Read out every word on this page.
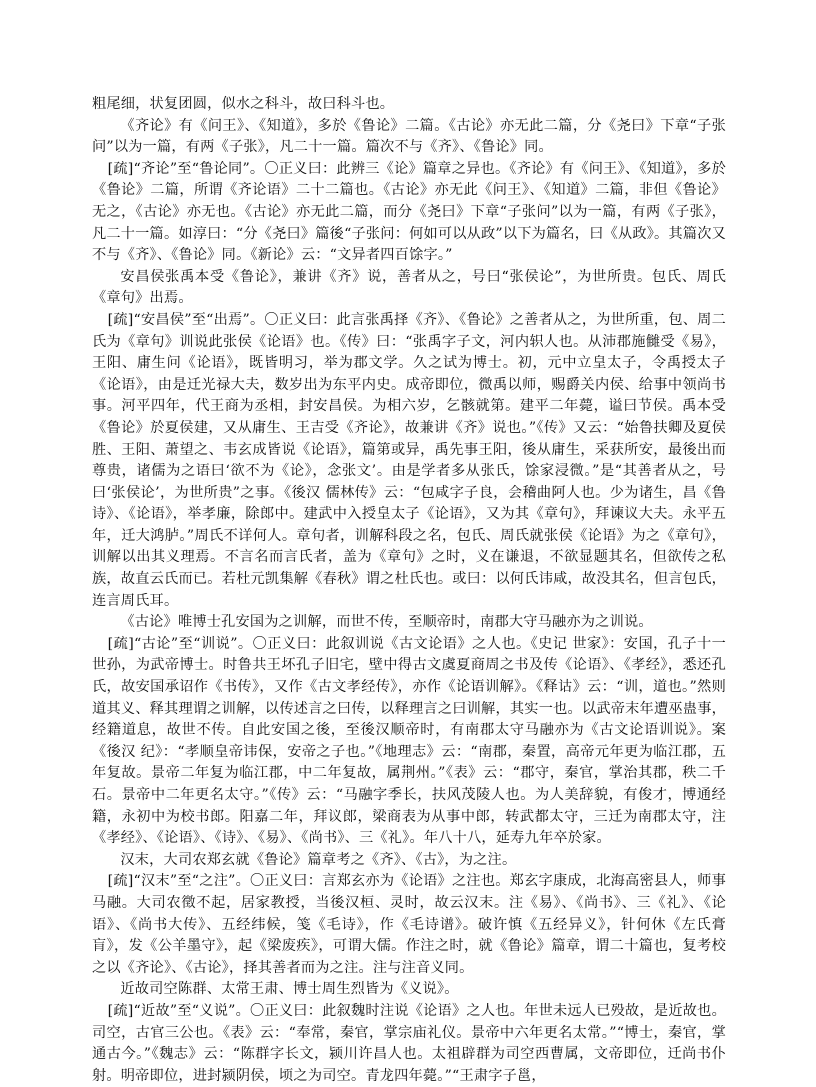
粗尾细，状复团圆，似水之科斗，故曰科斗也。

《齐论》有《问王》、《知道》，多於《鲁论》二篇。《古论》亦无此二篇，分《尧曰》下章“子张问”以为一篇，有两《子张》，凡二十一篇。篇次不与《齐》、《鲁论》同。

[疏]“齐论”至“鲁论同”。〇正义曰：此辨三《论》篇章之异也。《齐论》有《问王》、《知道》，多於《鲁论》二篇，所谓《齐论语》二十二篇也。《古论》亦无此《问王》、《知道》二篇，非但《鲁论》无之，《古论》亦无也。《古论》亦无此二篇，而分《尧曰》下章“子张问”以为一篇，有两《子张》，凡二十一篇。如淳曰：“分《尧曰》篇後“子张问：何如可以从政”以下为篇名，曰《从政》。其篇次又不与《齐》、《鲁论》同。《新论》云：“文异者四百馀字。”

安昌侯张禹本受《鲁论》，兼讲《齐》说，善者从之，号曰“张侯论”，为世所贵。包氏、周氏《章句》出焉。

[疏]“安昌侯”至“出焉”。〇正义曰：此言张禹择《齐》、《鲁论》之善者从之，为世所重，包、周二氏为《章句》训说此张侯《论语》也。《传》曰：“张禹字子文，河内轵人也。从沛郡施雠受《易》，王阳、庸生问《论语》，既皆明习，举为郡文学。久之试为博士。初，元中立皇太子，令禹授太子《论语》，由是迁光禄大夫，数岁出为东平内史。成帝即位，微禹以师，赐爵关内侯、给事中领尚书事。河平四年，代王商为丞相，封安昌侯。为相六岁，乞骸就第。建平二年薨，谥曰节侯。禹本受《鲁论》於夏侯建，又从庸生、王吉受《齐论》，故兼讲《齐》说也。”《传》又云：“始鲁扶卿及夏侯胜、王阳、萧望之、韦玄成皆说《论语》，篇第或异，禹先事王阳，後从庸生，采获所安，最後出而尊贵，诸儒为之语曰‘欲不为《论》，念张文’。由是学者多从张氏，馀家浸微。”是“其善者从之，号曰‘张侯论’，为世所贵”之事。《後汉 儒林传》云：“包咸字子良，会稽曲阿人也。少为诸生，昌《鲁诗》、《论语》，举孝廉，除郎中。建武中入授皇太子《论语》，又为其《章句》，拜谏议大夫。永平五年，迁大鸿胪。”周氏不详何人。章句者，训解科段之名，包氏、周氏就张侯《论语》为之《章句》，训解以出其义理焉。不言名而言氏者，盖为《章句》之时，义在谦退，不欲显题其名，但欲传之私族，故直云氏而已。若杜元凯集解《春秋》谓之杜氏也。或曰：以何氏讳咸，故没其名，但言包氏，连言周氏耳。

《古论》唯博士孔安国为之训解，而世不传，至顺帝时，南郡大守马融亦为之训说。

[疏]“古论”至“训说”。〇正义曰：此叙训说《古文论语》之人也。《史记 世家》：安国，孔子十一世孙，为武帝博士。时鲁共王坏孔子旧宅，壁中得古文虞夏商周之书及传《论语》、《孝经》，悉还孔氏，故安国承诏作《书传》，又作《古文孝经传》，亦作《论语训解》。《释诂》云：“训，道也。”然则道其义、释其理谓之训解，以传述言之曰传，以释理言之曰训解，其实一也。以武帝末年遭巫蛊事，经籍道息，故世不传。自此安国之後，至後汉顺帝时，有南郡太守马融亦为《古文论语训说》。案《後汉 纪》：“孝顺皇帝讳保，安帝之子也。”《地理志》云：“南郡，秦置，高帝元年更为临江郡，五年复故。景帝二年复为临江郡，中二年复故，属荆州。”《表》云：“郡守，秦官，掌治其郡，秩二千石。景帝中二年更名太守。”《传》云：“马融字季长，扶风茂陵人也。为人美辞貌，有俊才，博通经籍，永初中为校书郎。阳嘉二年，拜议郎，梁商表为从事中郎，转武都太守，三迁为南郡太守，注《孝经》、《论语》、《诗》、《易》、《尚书》、三《礼》。年八十八，延寿九年卒於家。

汉末，大司农郑玄就《鲁论》篇章考之《齐》、《古》，为之注。

[疏]“汉末”至“之注”。〇正义曰：言郑玄亦为《论语》之注也。郑玄字康成，北海高密县人，师事马融。大司农徵不起，居家教授，当後汉桓、灵时，故云汉末。注《易》、《尚书》、三《礼》、《论语》、《尚书大传》、五经纬候，笺《毛诗》，作《毛诗谱》。破许慎《五经异义》，针何休《左氏膏肓》，发《公羊墨守》，起《梁废疾》，可谓大儒。作注之时，就《鲁论》篇章，谓二十篇也，复考校之以《齐论》、《古论》，择其善者而为之注。注与注音义同。

近故司空陈群、太常王肃、博士周生烈皆为《义说》。

[疏]“近故”至“义说”。〇正义曰：此叙魏时注说《论语》之人也。年世未远人已殁故，是近故也。司空，古官三公也。《表》云：“奉常，秦官，掌宗庙礼仪。景帝中六年更名太常。”“博士，秦官，掌通古今。”《魏志》云：“陈群字长文，颍川许昌人也。太祖辟群为司空西曹属，文帝即位，迁尚书仆射。明帝即位，进封颍阴侯，顷之为司空。青龙四年薨。”“王肃字子邕，
